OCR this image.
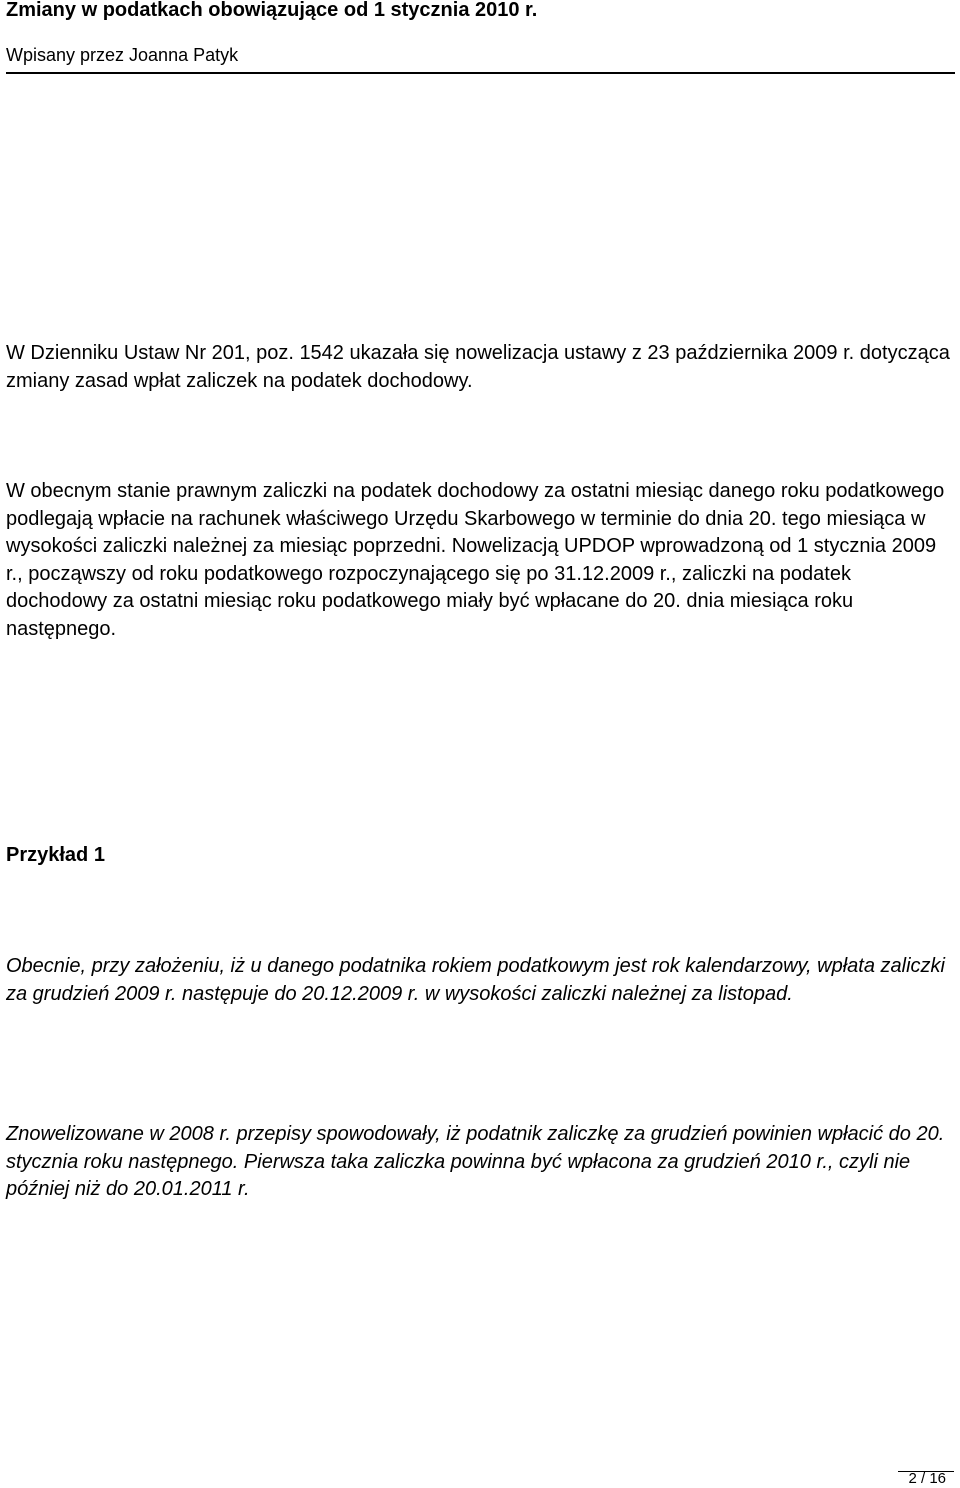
Zmiany w podatkach obowiązujące od 1 stycznia 2010 r.
Wpisany przez Joanna Patyk

W Dzienniku Ustaw Nr 201, poz. 1542 ukazała się nowelizacja ustawy z 23 października 2009 r. dotycząca zmiany zasad wpłat zaliczek na podatek dochodowy.

W obecnym stanie prawnym zaliczki na podatek dochodowy za ostatni miesiąc danego roku podatkowego podlegają wpłacie na rachunek właściwego Urzędu Skarbowego w terminie do dnia 20. tego miesiąca w wysokości zaliczki należnej za miesiąc poprzedni. Nowelizacją UPDOP wprowadzoną od 1 stycznia 2009 r., począwszy od roku podatkowego rozpoczynającego się po 31.12.2009 r., zaliczki na podatek dochodowy za ostatni miesiąc roku podatkowego miały być wpłacane do 20. dnia miesiąca roku następnego.

Przykład 1

Obecnie, przy założeniu, iż u danego podatnika rokiem podatkowym jest rok kalendarzowy, wpłata zaliczki za grudzień 2009 r. następuje do 20.12.2009 r. w wysokości zaliczki należnej za listopad.

Znowelizowane w 2008 r. przepisy spowodowały, iż podatnik zaliczkę za grudzień powinien wpłacić do 20. stycznia roku następnego. Pierwsza taka zaliczka powinna być wpłacona za grudzień 2010 r., czyli nie później niż do 20.01.2011 r.

2 / 16
